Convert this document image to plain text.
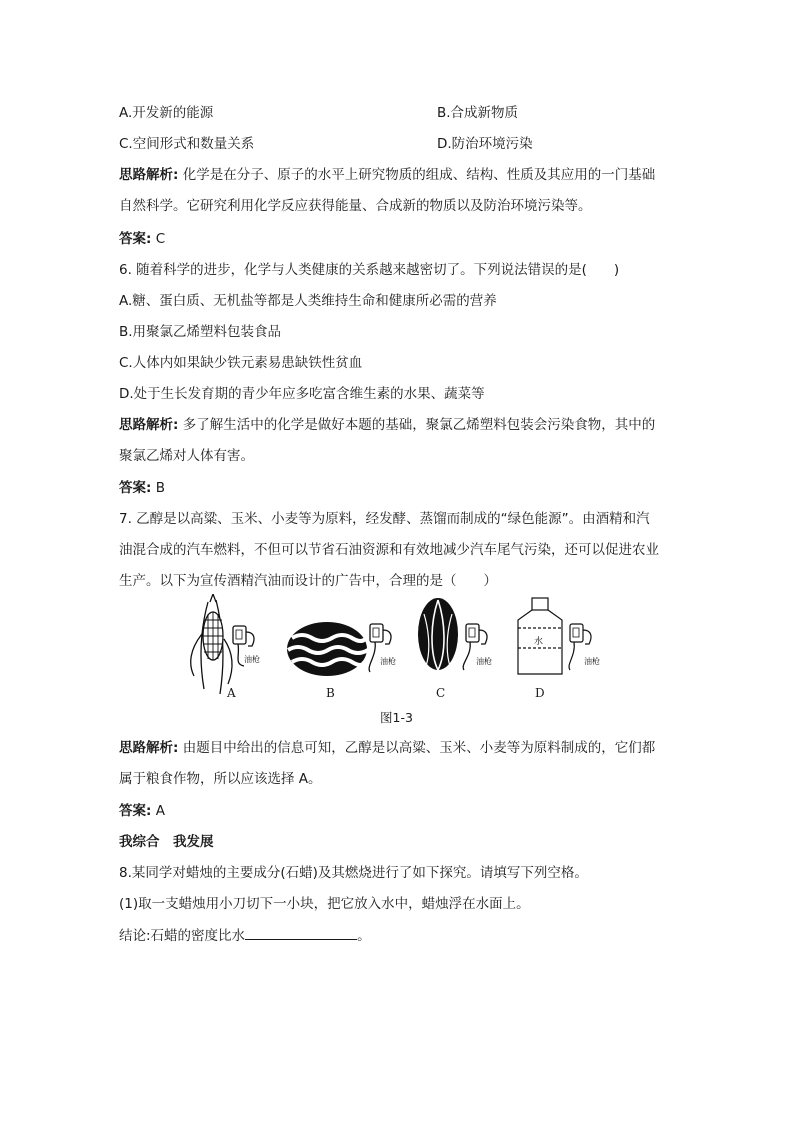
A.开发新的能源	B.合成新物质
C.空间形式和数量关系	D.防治环境污染
思路解析: 化学是在分子、原子的水平上研究物质的组成、结构、性质及其应用的一门基础
自然科学。它研究利用化学反应获得能量、合成新的物质以及防治环境污染等。
答案: C
6. 随着科学的进步，化学与人类健康的关系越来越密切了。下列说法错误的是(　　)
A.糖、蛋白质、无机盐等都是人类维持生命和健康所必需的营养
B.用聚氯乙烯塑料包装食品
C.人体内如果缺少铁元素易患缺铁性贫血
D.处于生长发育期的青少年应多吃富含维生素的水果、蔬菜等
思路解析: 多了解生活中的化学是做好本题的基础，聚氯乙烯塑料包装会污染食物，其中的
聚氯乙烯对人体有害。
答案: B
7. 乙醇是以高粱、玉米、小麦等为原料，经发酵、蒸馏而制成的“绿色能源”。由酒精和汽
油混合成的汽车燃料，不但可以节省石油资源和有效地减少汽车尾气污染，还可以促进农业
生产。以下为宣传酒精汽油而设计的广告中，合理的是（　　）
油枪	油枪	油枪
水
油枪
A	B	C	D
图1-3
思路解析: 由题目中给出的信息可知，乙醇是以高粱、玉米、小麦等为原料制成的，它们都
属于粮食作物，所以应该选择 A。
答案: A
我综合　我发展
8.某同学对蜡烛的主要成分(石蜡)及其燃烧进行了如下探究。请填写下列空格。
(1)取一支蜡烛用小刀切下一小块，把它放入水中，蜡烛浮在水面上。
结论:石蜡的密度比水	。
